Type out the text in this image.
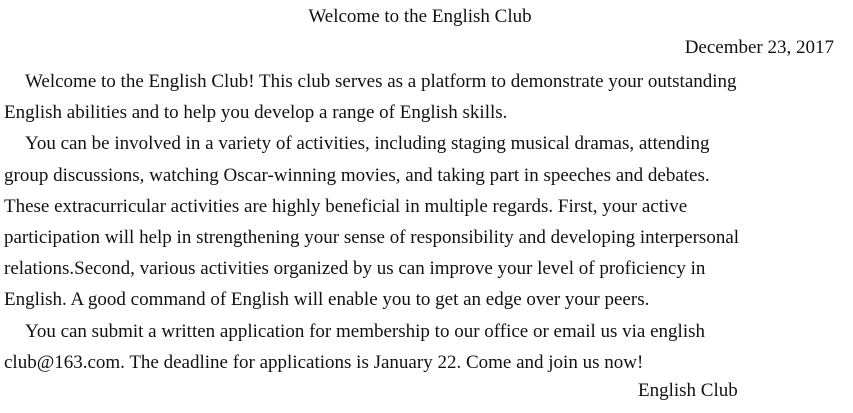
Welcome to the English Club
December 23, 2017
Welcome to the English Club! This club serves as a platform to demonstrate your outstanding
English abilities and to help you develop a range of English skills.
You can be involved in a variety of activities, including staging musical dramas, attending
group discussions, watching Oscar-winning movies, and taking part in speeches and debates.
These extracurricular activities are highly beneficial in multiple regards. First, your active
participation will help in strengthening your sense of responsibility and developing interpersonal
relations.Second, various activities organized by us can improve your level of proficiency in
English. A good command of English will enable you to get an edge over your peers.
You can submit a written application for membership to our office or email us via english
club@163.com. The deadline for applications is January 22. Come and join us now!
English Club
